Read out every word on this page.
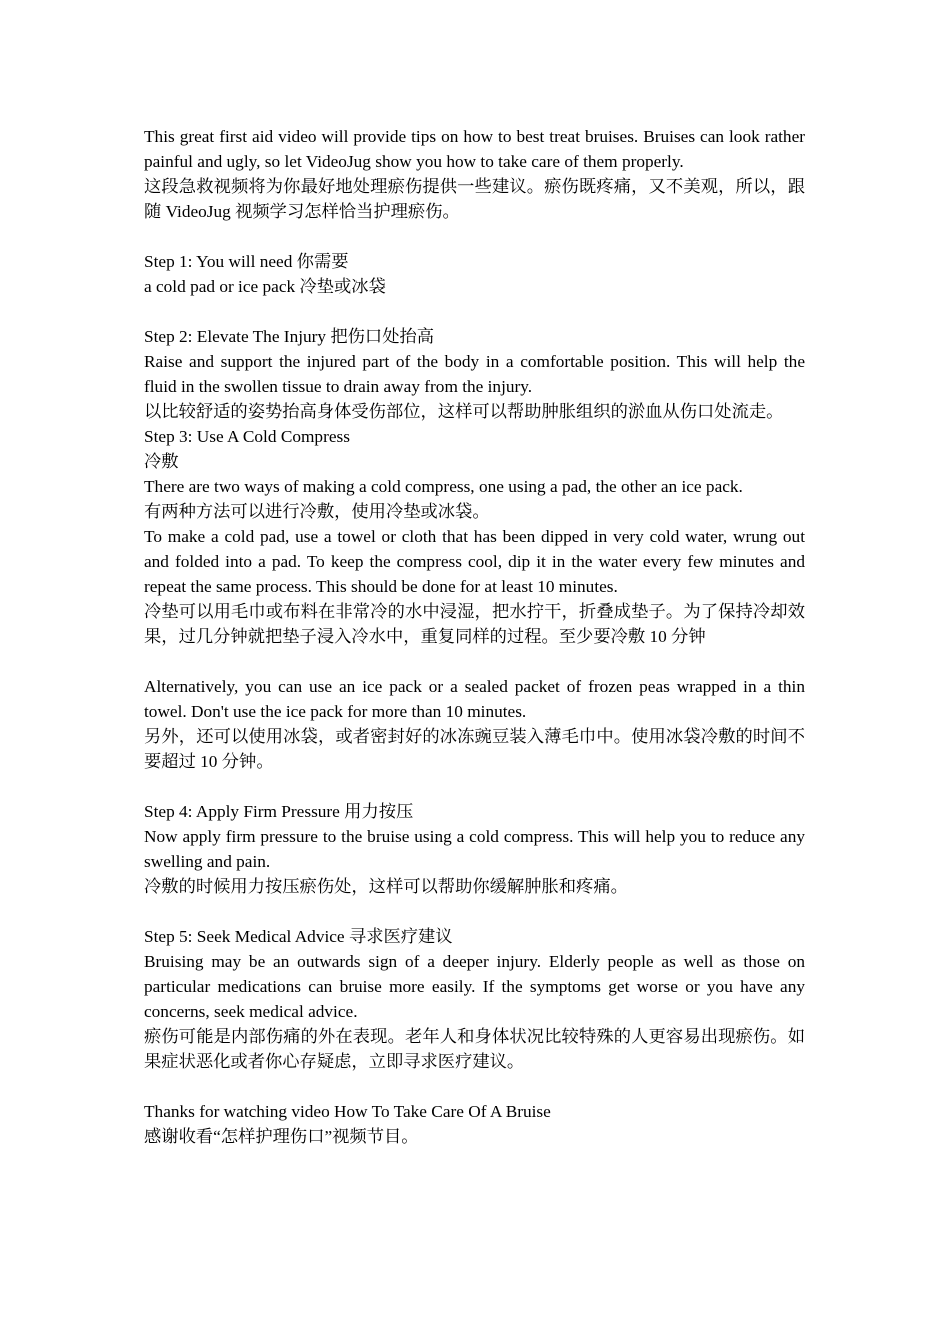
This great first aid video will provide tips on how to best treat bruises. Bruises can look rather painful and ugly, so let VideoJug show you how to take care of them properly.

这段急救视频将为你最好地处理瘀伤提供一些建议。瘀伤既疼痛，又不美观，所以，跟随 VideoJug 视频学习怎样恰当护理瘀伤。

Step 1: You will need 你需要

a cold pad or ice pack 冷垫或冰袋

Step 2: Elevate The Injury 把伤口处抬高

Raise and support the injured part of the body in a comfortable position. This will help the fluid in the swollen tissue to drain away from the injury.

以比较舒适的姿势抬高身体受伤部位，这样可以帮助肿胀组织的淤血从伤口处流走。

Step 3: Use A Cold Compress

冷敷

There are two ways of making a cold compress, one using a pad, the other an ice pack.

有两种方法可以进行冷敷，使用冷垫或冰袋。

To make a cold pad, use a towel or cloth that has been dipped in very cold water, wrung out and folded into a pad. To keep the compress cool, dip it in the water every few minutes and repeat the same process. This should be done for at least 10 minutes.

冷垫可以用毛巾或布料在非常冷的水中浸湿，把水拧干，折叠成垫子。为了保持冷却效果，过几分钟就把垫子浸入冷水中，重复同样的过程。至少要冷敷 10 分钟

Alternatively, you can use an ice pack or a sealed packet of frozen peas wrapped in a thin towel. Don't use the ice pack for more than 10 minutes.

另外，还可以使用冰袋，或者密封好的冰冻豌豆装入薄毛巾中。使用冰袋冷敷的时间不要超过 10 分钟。

Step 4: Apply Firm Pressure 用力按压

Now apply firm pressure to the bruise using a cold compress. This will help you to reduce any swelling and pain.

冷敷的时候用力按压瘀伤处，这样可以帮助你缓解肿胀和疼痛。

Step 5: Seek Medical Advice 寻求医疗建议

Bruising may be an outwards sign of a deeper injury. Elderly people as well as those on particular medications can bruise more easily. If the symptoms get worse or you have any concerns, seek medical advice.

瘀伤可能是内部伤痛的外在表现。老年人和身体状况比较特殊的人更容易出现瘀伤。如果症状恶化或者你心存疑虑，立即寻求医疗建议。

Thanks for watching video How To Take Care Of A Bruise

感谢收看“怎样护理伤口”视频节目。
